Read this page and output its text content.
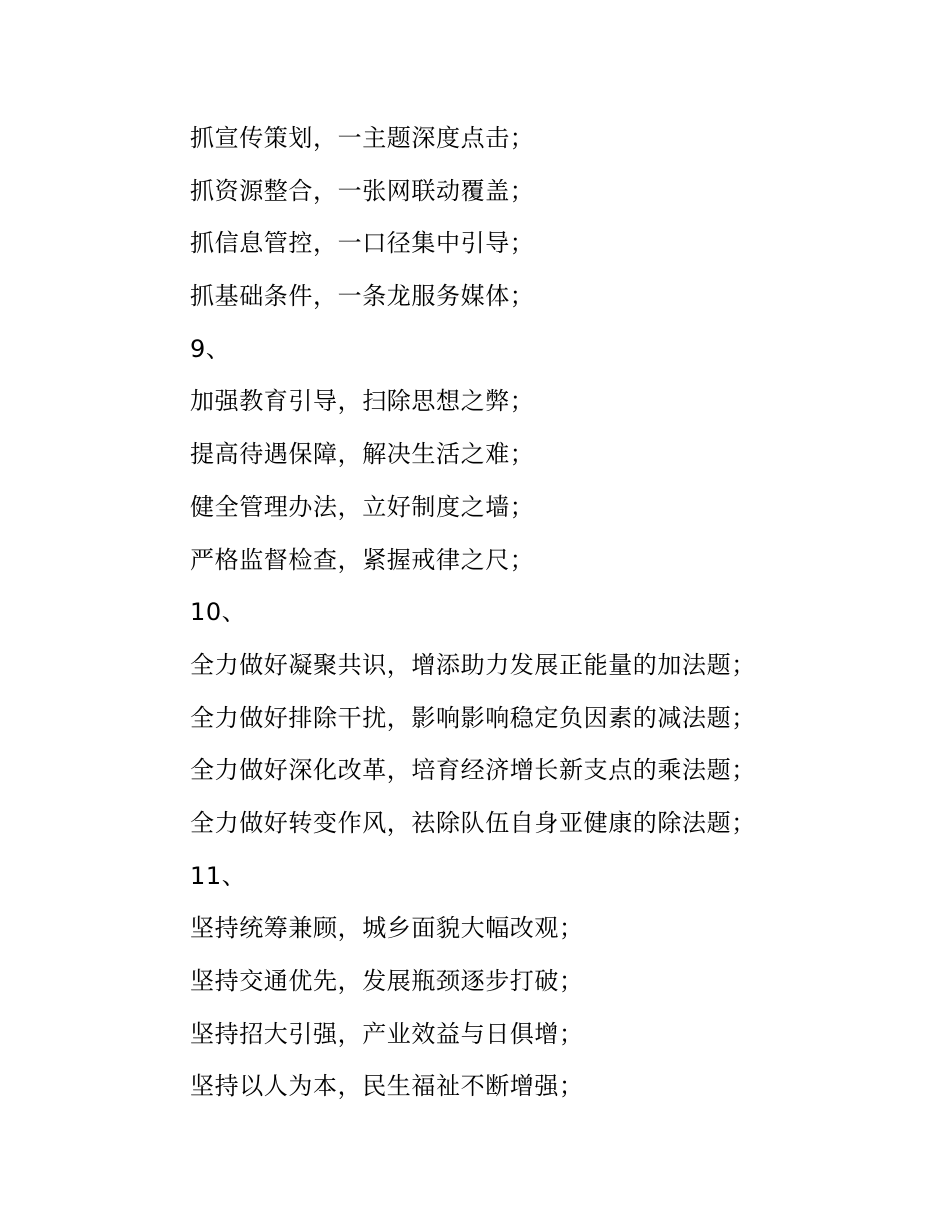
抓宣传策划，一主题深度点击；
抓资源整合，一张网联动覆盖；
抓信息管控，一口径集中引导；
抓基础条件，一条龙服务媒体；
9、
加强教育引导，扫除思想之弊；
提高待遇保障，解决生活之难；
健全管理办法，立好制度之墙；
严格监督检查，紧握戒律之尺；
10、
全力做好凝聚共识，增添助力发展正能量的加法题；
全力做好排除干扰，影响影响稳定负因素的减法题；
全力做好深化改革，培育经济增长新支点的乘法题；
全力做好转变作风，祛除队伍自身亚健康的除法题；
11、
坚持统筹兼顾，城乡面貌大幅改观；
坚持交通优先，发展瓶颈逐步打破；
坚持招大引强，产业效益与日俱增；
坚持以人为本，民生福祉不断增强；
